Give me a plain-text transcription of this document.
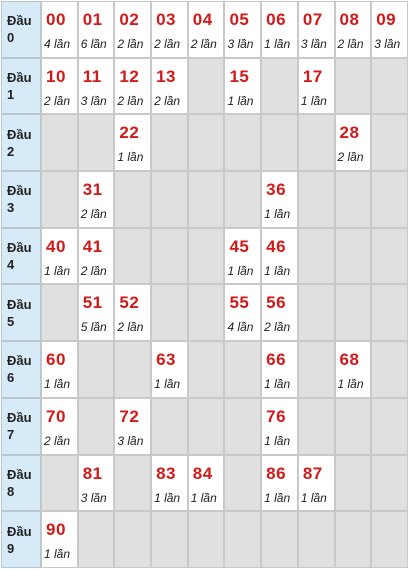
Đầu
0
00
4 lần
01
6 lần
02
2 lần
03
2 lần
04
2 lần
05
3 lần
06
1 lần
07
3 lần
08
2 lần
09
3 lần
Đầu
1
10
2 lần
11
3 lần
12
2 lần
13
2 lần
15
1 lần
17
1 lần
Đầu
2
22
1 lần
28
2 lần
Đầu
3
31
2 lần
36
1 lần
Đầu
4
40
1 lần
41
2 lần
45
1 lần
46
1 lần
Đầu
5
51
5 lần
52
2 lần
55
4 lần
56
2 lần
Đầu
6
60
1 lần
63
1 lần
66
1 lần
68
1 lần
Đầu
7
70
2 lần
72
3 lần
76
1 lần
Đầu
8
81
3 lần
83
1 lần
84
1 lần
86
1 lần
87
1 lần
Đầu
9
90
1 lần
